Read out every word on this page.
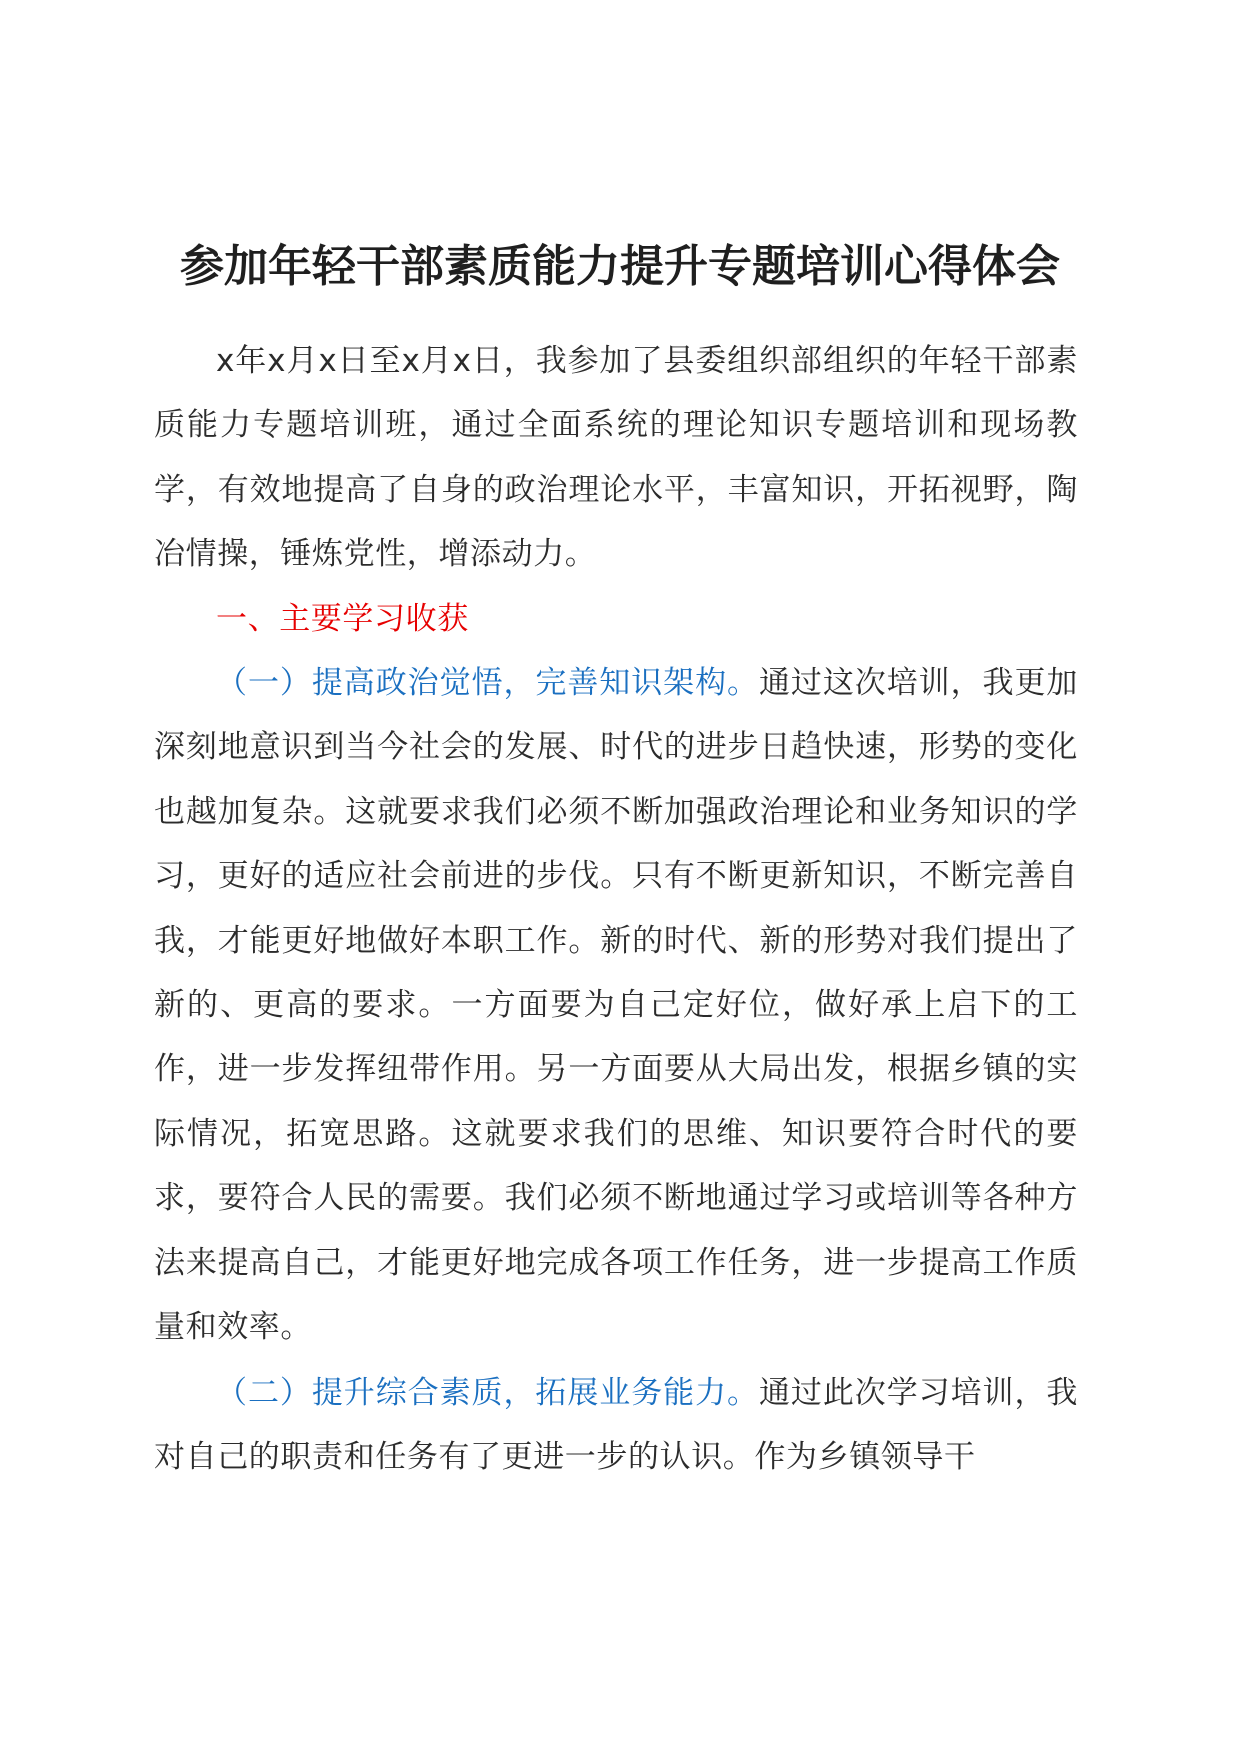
参加年轻干部素质能力提升专题培训心得体会
x年x月x日至x月x日，我参加了县委组织部组织的年轻干部素质能力专题培训班，通过全面系统的理论知识专题培训和现场教学，有效地提高了自身的政治理论水平，丰富知识，开拓视野，陶冶情操，锤炼党性，增添动力。
一、主要学习收获
（一）提高政治觉悟，完善知识架构。通过这次培训，我更加深刻地意识到当今社会的发展、时代的进步日趋快速，形势的变化也越加复杂。这就要求我们必须不断加强政治理论和业务知识的学习，更好的适应社会前进的步伐。只有不断更新知识，不断完善自我，才能更好地做好本职工作。新的时代、新的形势对我们提出了新的、更高的要求。一方面要为自己定好位，做好承上启下的工作，进一步发挥纽带作用。另一方面要从大局出发，根据乡镇的实际情况，拓宽思路。这就要求我们的思维、知识要符合时代的要求，要符合人民的需要。我们必须不断地通过学习或培训等各种方法来提高自己，才能更好地完成各项工作任务，进一步提高工作质量和效率。
（二）提升综合素质，拓展业务能力。通过此次学习培训，我对自己的职责和任务有了更进一步的认识。作为乡镇领导干
